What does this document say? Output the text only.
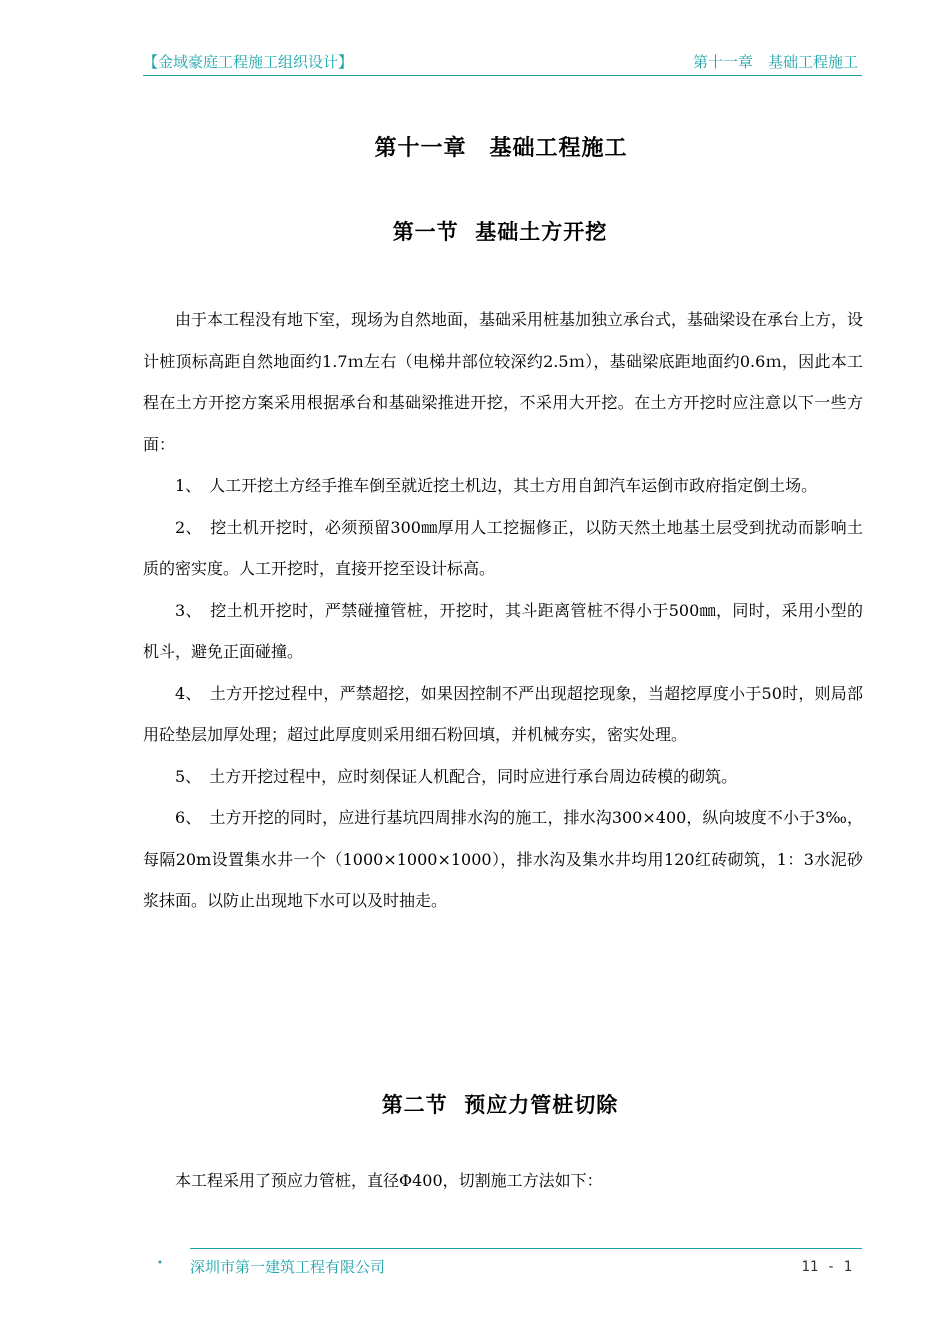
【金域豪庭工程施工组织设计】	第十一章　基础工程施工
第十一章　基础工程施工
第一节  基础土方开挖

由于本工程没有地下室，现场为自然地面，基础采用桩基加独立承台式，基础梁设在承台上方，设计桩顶标高距自然地面约1.7ｍ左右（电梯井部位较深约2.5ｍ），基础梁底距地面约0.6ｍ，因此本工程在土方开挖方案采用根据承台和基础梁推进开挖，不采用大开挖。在土方开挖时应注意以下一些方面：

1、　人工开挖土方经手推车倒至就近挖土机边，其土方用自卸汽车运倒市政府指定倒土场。

2、　挖土机开挖时，必须预留300㎜厚用人工挖掘修正，以防天然土地基土层受到扰动而影响土质的密实度。人工开挖时，直接开挖至设计标高。

3、　挖土机开挖时，严禁碰撞管桩，开挖时，其斗距离管桩不得小于500㎜，同时，采用小型的机斗，避免正面碰撞。

4、　土方开挖过程中，严禁超挖，如果因控制不严出现超挖现象，当超挖厚度小于50时，则局部用砼垫层加厚处理；超过此厚度则采用细石粉回填，并机械夯实，密实处理。

5、　土方开挖过程中，应时刻保证人机配合，同时应进行承台周边砖模的砌筑。

6、　土方开挖的同时，应进行基坑四周排水沟的施工，排水沟300×400，纵向坡度不小于3‰，每隔20m设置集水井一个（1000×1000×1000），排水沟及集水井均用120红砖砌筑，1：3水泥砂浆抹面。以防止出现地下水可以及时抽走。

第二节  预应力管桩切除

本工程采用了预应力管桩，直径Φ400，切割施工方法如下：

• 深圳市第一建筑工程有限公司	11 - 1
